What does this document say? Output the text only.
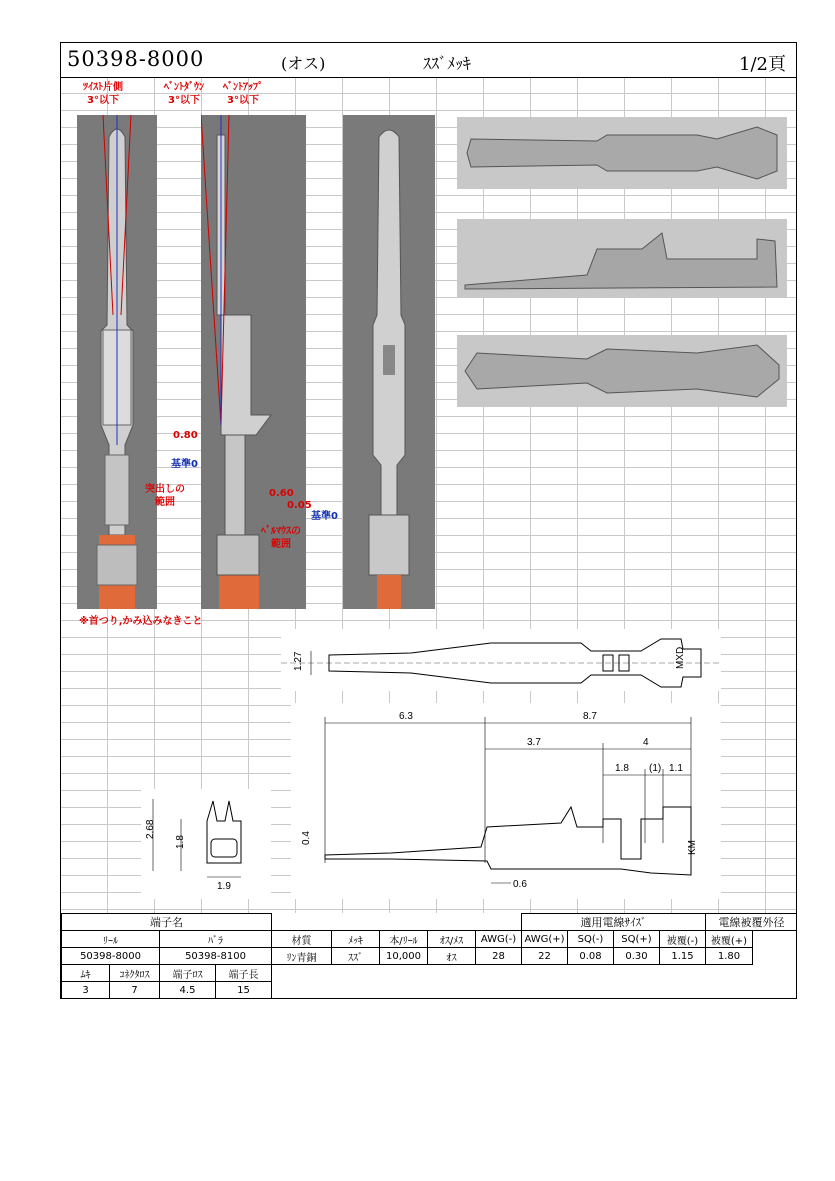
50398-8000	(オス)	ｽｽﾞﾒｯｷ	1/2頁
ﾂｲｽﾄ片側
3°以下
ﾍﾞﾝﾄﾀﾞｳﾝ
3°以下
ﾍﾞﾝﾄｱｯﾌﾟ
3°以下
0.80
基準0
突出しの
範囲
0.60
0.05
基準0
ﾍﾞﾙﾏｳｽの
範囲
※首つり,かみ込みなきこと
1.27	MXD
6.3	8.7
3.7	4
1.8 (1) 1.1
0.4
0.6
KM
2.68
1.8
1.9
端子名									適用電線ｻｲｽﾞ				電線被覆外径	
ﾘｰﾙ		ﾊﾞﾗ		材質	ﾒｯｷ	本/ﾘｰﾙ	ｵｽ/ﾒｽ	AWG(-)	AWG(+)	SQ(-)	SQ(+)	被覆(-)	被覆(+)	
50398-8000		50398-8100		ﾘﾝ青銅	ｽｽﾞ	10,000	ｵｽ	28	22	0.08	0.30	1.15	1.80	
ﾑｷ	ｺﾈｸﾀﾛｽ	端子ﾛｽ	端子長											
3	7	4.5	15											
